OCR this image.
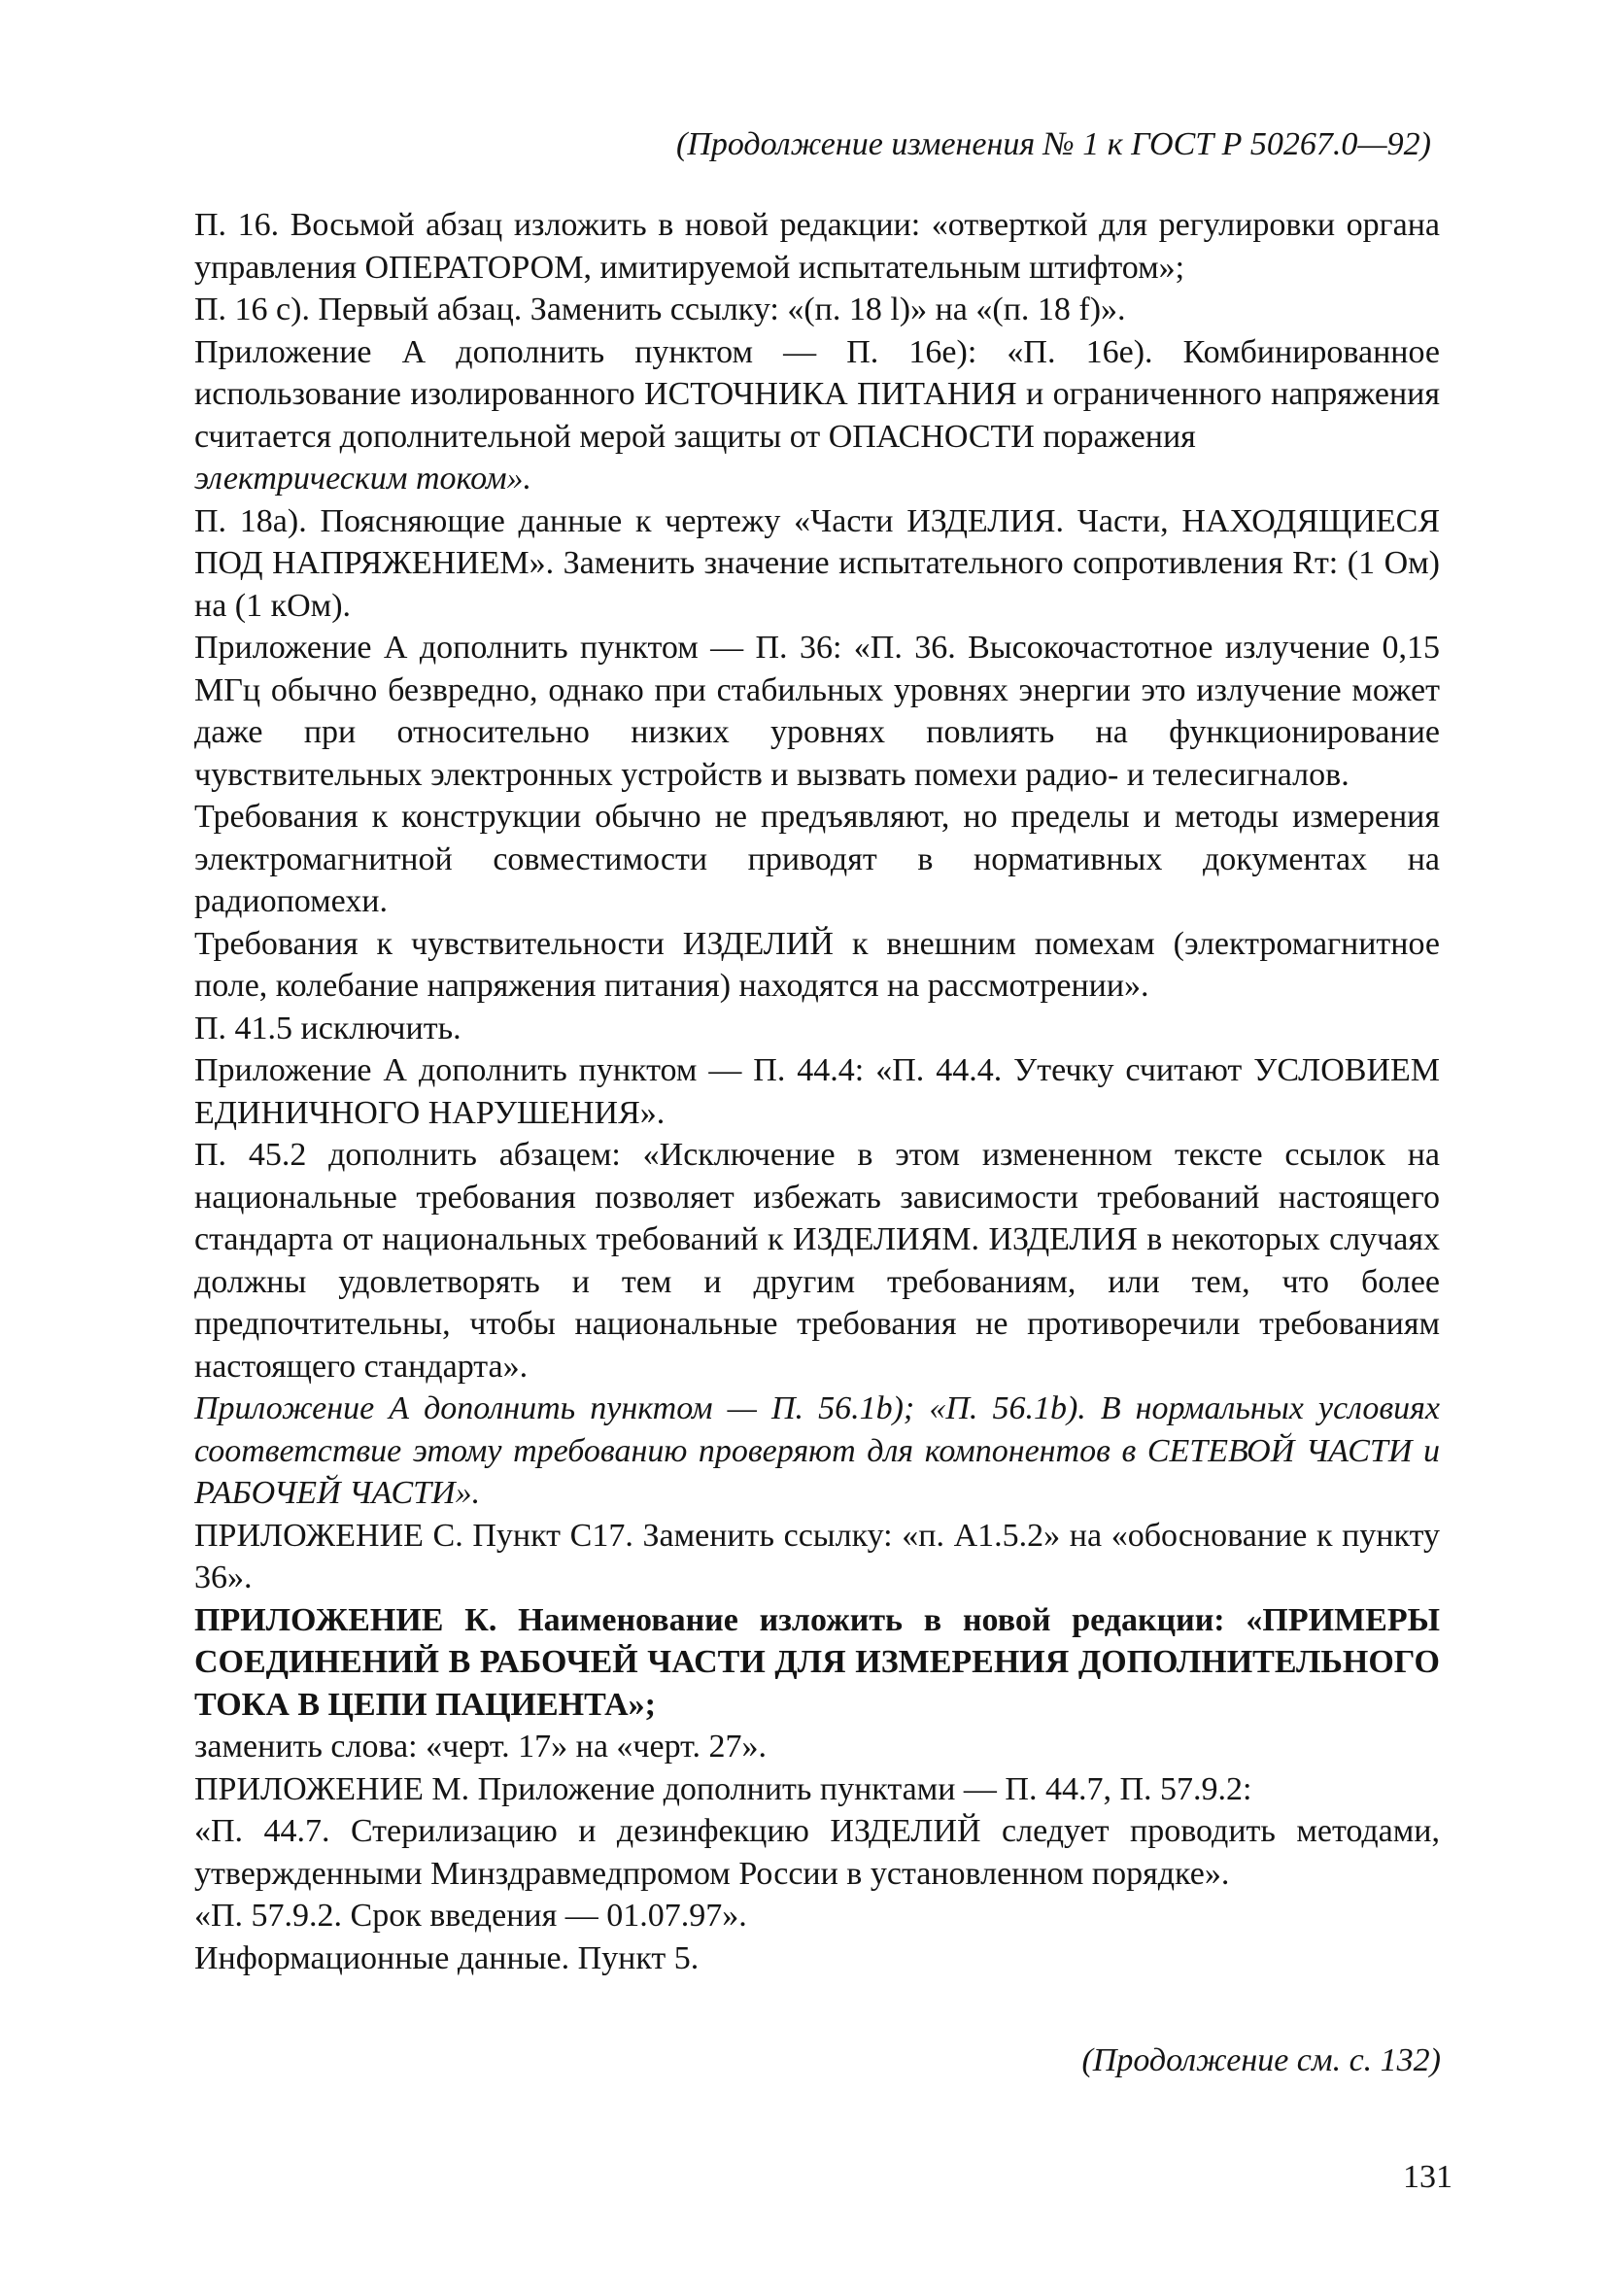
(Продолжение изменения № 1 к ГОСТ Р 50267.0—92)

П. 16. Восьмой абзац изложить в новой редакции: «отверткой для регулировки органа управления ОПЕРАТОРОМ, имитируемой испытательным штифтом»;

П. 16 с). Первый абзац. Заменить ссылку: «(п. 18 l)» на «(п. 18 f)».

Приложение А дополнить пунктом — П. 16е): «П. 16е). Комбинированное использование изолированного ИСТОЧНИКА ПИТАНИЯ и ограниченного напряжения считается дополнительной мерой защиты от ОПАСНОСТИ поражения

электрическим током».

П. 18а). Поясняющие данные к чертежу «Части ИЗДЕЛИЯ. Части, НАХОДЯЩИЕСЯ ПОД НАПРЯЖЕНИЕМ». Заменить значение испытательного сопротивления Rт: (1 Ом) на (1 кОм).

Приложение А дополнить пунктом — П. 36: «П. 36. Высокочастотное излучение 0,15 МГц обычно безвредно, однако при стабильных уровнях энергии это излучение может даже при относительно низких уровнях повлиять на функционирование чувствительных электронных устройств и вызвать помехи радио- и телесигналов.

Требования к конструкции обычно не предъявляют, но пределы и методы измерения электромагнитной совместимости приводят в нормативных документах на радиопомехи.

Требования к чувствительности ИЗДЕЛИЙ к внешним помехам (электромагнитное поле, колебание напряжения питания) находятся на рассмотрении».

П. 41.5 исключить.

Приложение А дополнить пунктом — П. 44.4: «П. 44.4. Утечку считают УСЛОВИЕМ ЕДИНИЧНОГО НАРУШЕНИЯ».

П. 45.2 дополнить абзацем: «Исключение в этом измененном тексте ссылок на национальные требования позволяет избежать зависимости требований настоящего стандарта от национальных требований к ИЗДЕЛИЯМ. ИЗДЕЛИЯ в некоторых случаях должны удовлетворять и тем и другим требованиям, или тем, что более предпочтительны, чтобы национальные требования не противоречили требованиям настоящего стандарта».

Приложение А дополнить пунктом — П. 56.1b); «П. 56.1b). В нормальных условиях соответствие этому требованию проверяют для компонентов в СЕТЕВОЙ ЧАСТИ и РАБОЧЕЙ ЧАСТИ».

ПРИЛОЖЕНИЕ С. Пункт С17. Заменить ссылку: «п. А1.5.2» на «обоснование к пункту 36».

ПРИЛОЖЕНИЕ К. Наименование изложить в новой редакции: «ПРИМЕРЫ СОЕДИНЕНИЙ В РАБОЧЕЙ ЧАСТИ ДЛЯ ИЗМЕРЕНИЯ ДОПОЛНИТЕЛЬНОГО ТОКА В ЦЕПИ ПАЦИЕНТА»;

заменить слова: «черт. 17» на «черт. 27».

ПРИЛОЖЕНИЕ М. Приложение дополнить пунктами — П. 44.7, П. 57.9.2:

«П. 44.7. Стерилизацию и дезинфекцию ИЗДЕЛИЙ следует проводить методами, утвержденными Минздравмедпромом России в установленном порядке».

«П. 57.9.2. Срок введения — 01.07.97».

Информационные данные. Пункт 5.

(Продолжение см. с. 132)
131
